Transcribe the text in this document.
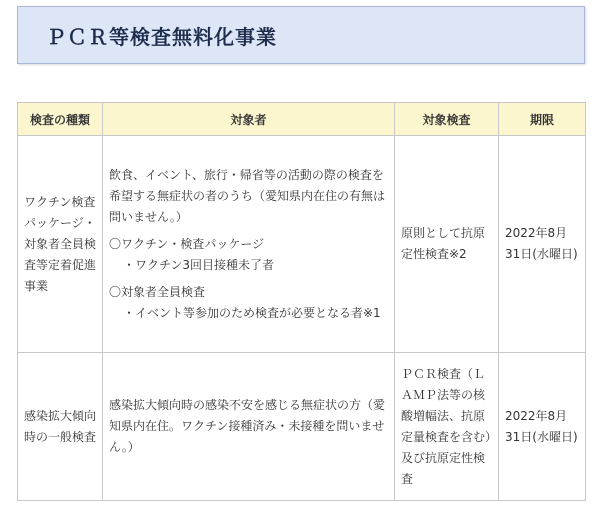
ＰＣＲ等検査無料化事業
検査の種類	対象者	対象検査	期限
ワクチン検査パッケージ・対象者全員検査等定着促進事業	飲食、イベント、旅行・帰省等の活動の際の検査を希望する無症状の者のうち（愛知県内在住の有無は問いません。）

〇ワクチン・検査パッケージ

・ワクチン3回目接種未了者

〇対象者全員検査

・イベント等参加のため検査が必要となる者※1	原則として抗原定性検査※2	2022年8月31日(水曜日)
感染拡大傾向時の一般検査	感染拡大傾向時の感染不安を感じる無症状の方（愛知県内在住。ワクチン接種済み・未接種を問いません。）	ＰＣＲ検査（ＬＡＭＰ法等の核酸増幅法、抗原定量検査を含む）及び抗原定性検査	2022年8月31日(水曜日)
